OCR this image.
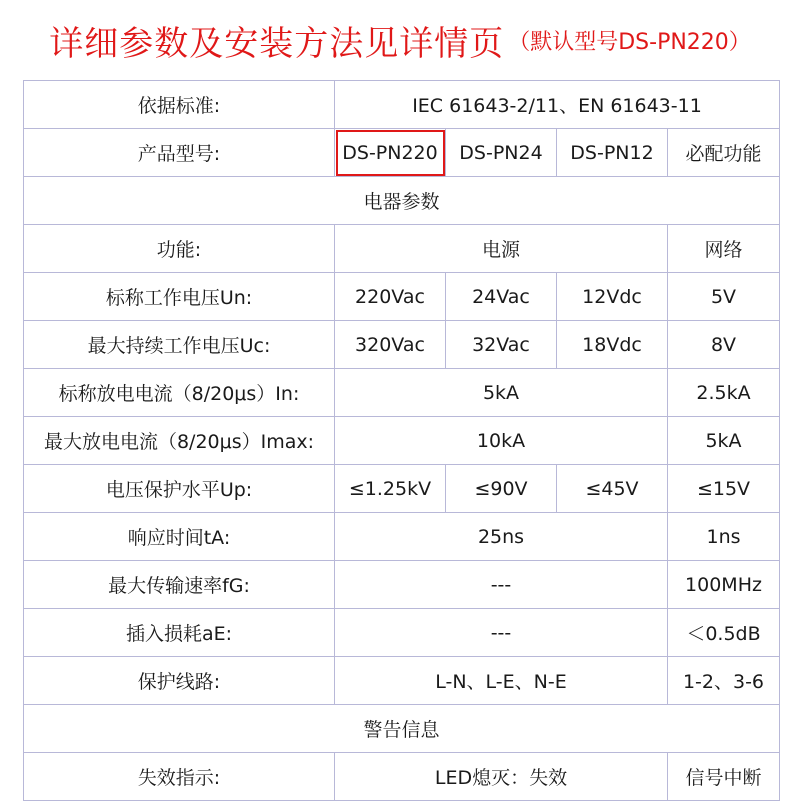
详细参数及安装方法见详情页 （默认型号DS-PN220）
依据标准:	IEC 61643-2/11、EN 61643-11			
产品型号:	DS-PN220	DS-PN24	DS-PN12	必配功能
电器参数				
功能:	电源			网络
标称工作电压Un:	220Vac	24Vac	12Vdc	5V
最大持续工作电压Uc:	320Vac	32Vac	18Vdc	8V
标称放电电流（8/20μs）In:	5kA			2.5kA
最大放电电流（8/20μs）Imax:	10kA			5kA
电压保护水平Up:	≤1.25kV	≤90V	≤45V	≤15V
响应时间tA:	25ns			1ns
最大传输速率fG:	---			100MHz
插入损耗aE:	---			＜0.5dB
保护线路:	L-N、L-E、N-E			1-2、3-6
警告信息				
失效指示:	LED熄灭：失效			信号中断
